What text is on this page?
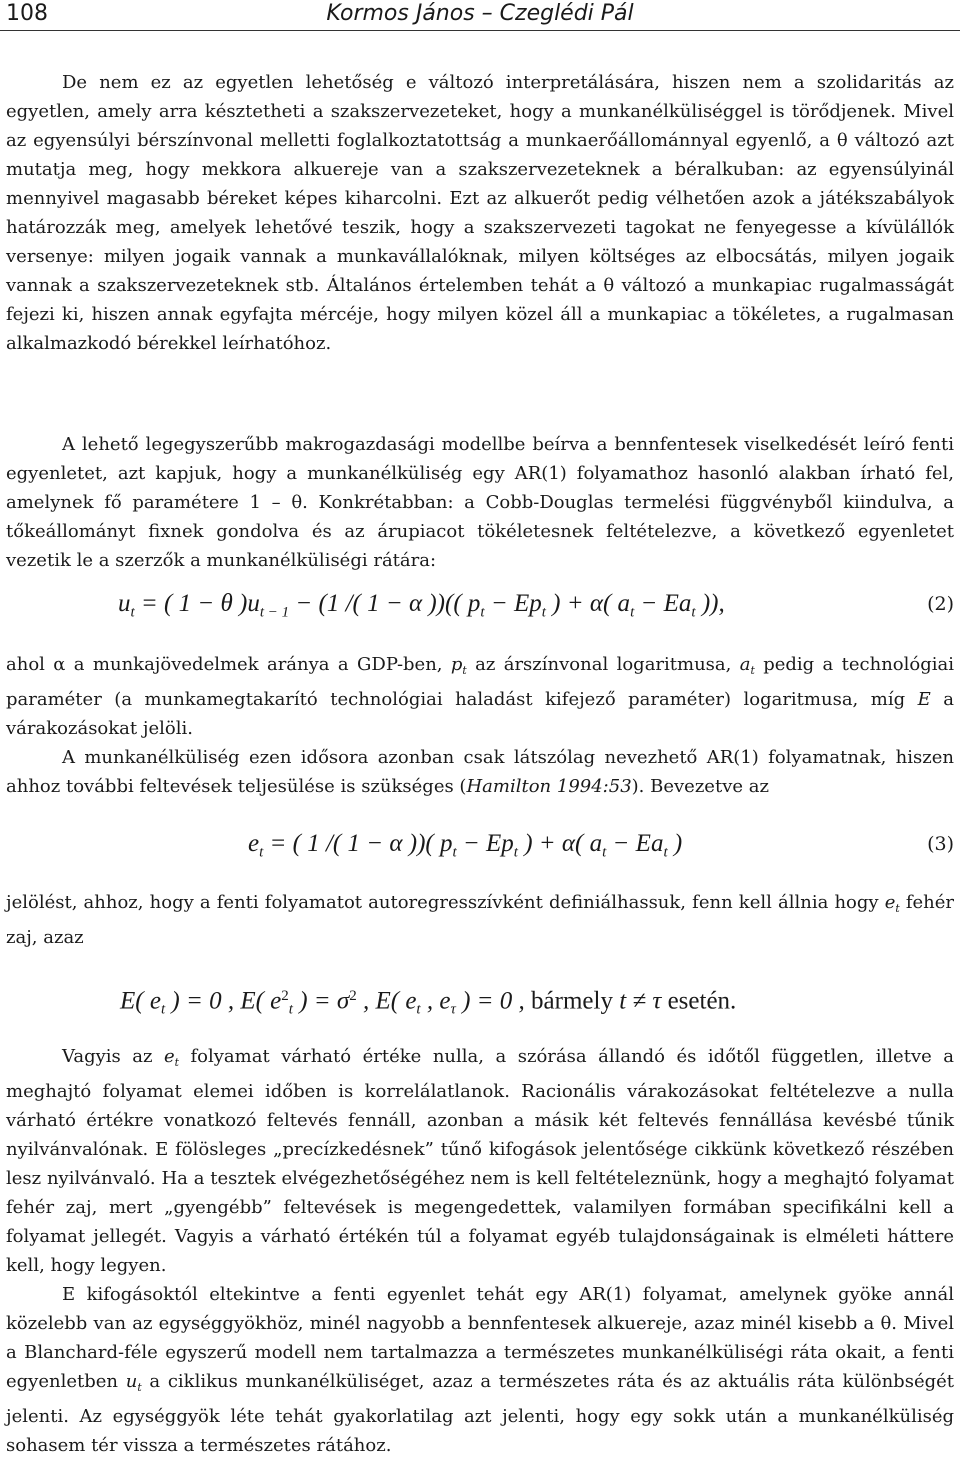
108	Kormos János – Czeglédi Pál

De nem ez az egyetlen lehetőség e változó interpretálására, hiszen nem a szolidaritás az egyetlen, amely arra késztetheti a szakszervezeteket, hogy a munkanélküliséggel is törődjenek. Mivel az egyensúlyi bérszínvonal melletti foglalkoztatottság a munkaerőállománnyal egyenlő, a θ változó azt mutatja meg, hogy mekkora alkuereje van a szakszervezeteknek a béralkuban: az egyensúlyinál mennyivel magasabb béreket képes kiharcolni. Ezt az alkuerőt pedig vélhetően azok a játékszabályok határozzák meg, amelyek lehetővé teszik, hogy a szakszervezeti tagokat ne fenyegesse a kívülállók versenye: milyen jogaik vannak a munkavállalóknak, milyen költséges az elbocsátás, milyen jogaik vannak a szakszervezeteknek stb. Általános értelemben tehát a θ változó a munkapiac rugalmasságát fejezi ki, hiszen annak egyfajta mércéje, hogy milyen közel áll a munkapiac a tökéletes, a rugalmasan alkalmazkodó bérekkel leírhatóhoz.

A lehető legegyszerűbb makrogazdasági modellbe beírva a bennfentesek viselkedését leíró fenti egyenletet, azt kapjuk, hogy a munkanélküliség egy AR(1) folyamathoz hasonló alakban írható fel, amelynek fő paramétere 1 – θ. Konkrétabban: a Cobb-Douglas termelési függvényből kiindulva, a tőkeállományt fixnek gondolva és az árupiacot tökéletesnek feltételezve, a következő egyenletet vezetik le a szerzők a munkanélküliségi rátára:

$u_t$ = ( 1 − θ )$u_{t - 1} - (1$ /( 1 − α ))(( $p_t - Ep_t$ ) + α( $a_t - Ea_t$ )),	(2)

ahol α a munkajövedelmek aránya a GDP-ben, $p_t$ az árszínvonal logaritmusa, $a_t$ pedig a technológiai paraméter (a munkamegtakarító technológiai haladást kifejező paraméter) logaritmusa, míg E a várakozásokat jelöli.

A munkanélküliség ezen idősora azonban csak látszólag nevezhető AR(1) folyamatnak, hiszen ahhoz további feltevések teljesülése is szükséges (Hamilton 1994:53). Bevezetve az

$e_t$ = ( 1 /( 1 − α ))( $p_t - Ep_t$ ) + α( $a_t - Ea_t$ )	(3)

jelölést, ahhoz, hogy a fenti folyamatot autoregresszívként definiálhassuk, fenn kell állnia hogy $e_t$ fehér zaj, azaz

E( $e_t$ ) = 0 , E( $e^2_t$ ) = $\sigma^2$ , E( $e_t$ , $e_\tau$ ) = 0 , bármely t ≠ τ esetén.

Vagyis az $e_t$ folyamat várható értéke nulla, a szórása állandó és időtől független, illetve a meghajtó folyamat elemei időben is korrelálatlanok. Racionális várakozásokat feltételezve a nulla várható értékre vonatkozó feltevés fennáll, azonban a másik két feltevés fennállása kevésbé tűnik nyilvánvalónak. E fölösleges „precízkedésnek” tűnő kifogások jelentősége cikkünk következő részében lesz nyilvánvaló. Ha a tesztek elvégezhetőségéhez nem is kell feltételeznünk, hogy a meghajtó folyamat fehér zaj, mert „gyengébb” feltevések is megengedettek, valamilyen formában specifikálni kell a folyamat jellegét. Vagyis a várható értékén túl a folyamat egyéb tulajdonságainak is elméleti háttere kell, hogy legyen.

E kifogásoktól eltekintve a fenti egyenlet tehát egy AR(1) folyamat, amelynek gyöke annál közelebb van az egységgyökhöz, minél nagyobb a bennfentesek alkuereje, azaz minél kisebb a θ. Mivel a Blanchard-féle egyszerű modell nem tartalmazza a természetes munkanélküliségi ráta okait, a fenti egyenletben $u_t$ a ciklikus munkanélküliséget, azaz a természetes ráta és az aktuális ráta különbségét jelenti. Az egységgyök léte tehát gyakorlatilag azt jelenti, hogy egy sokk után a munkanélküliség sohasem tér vissza a természetes rátához.
